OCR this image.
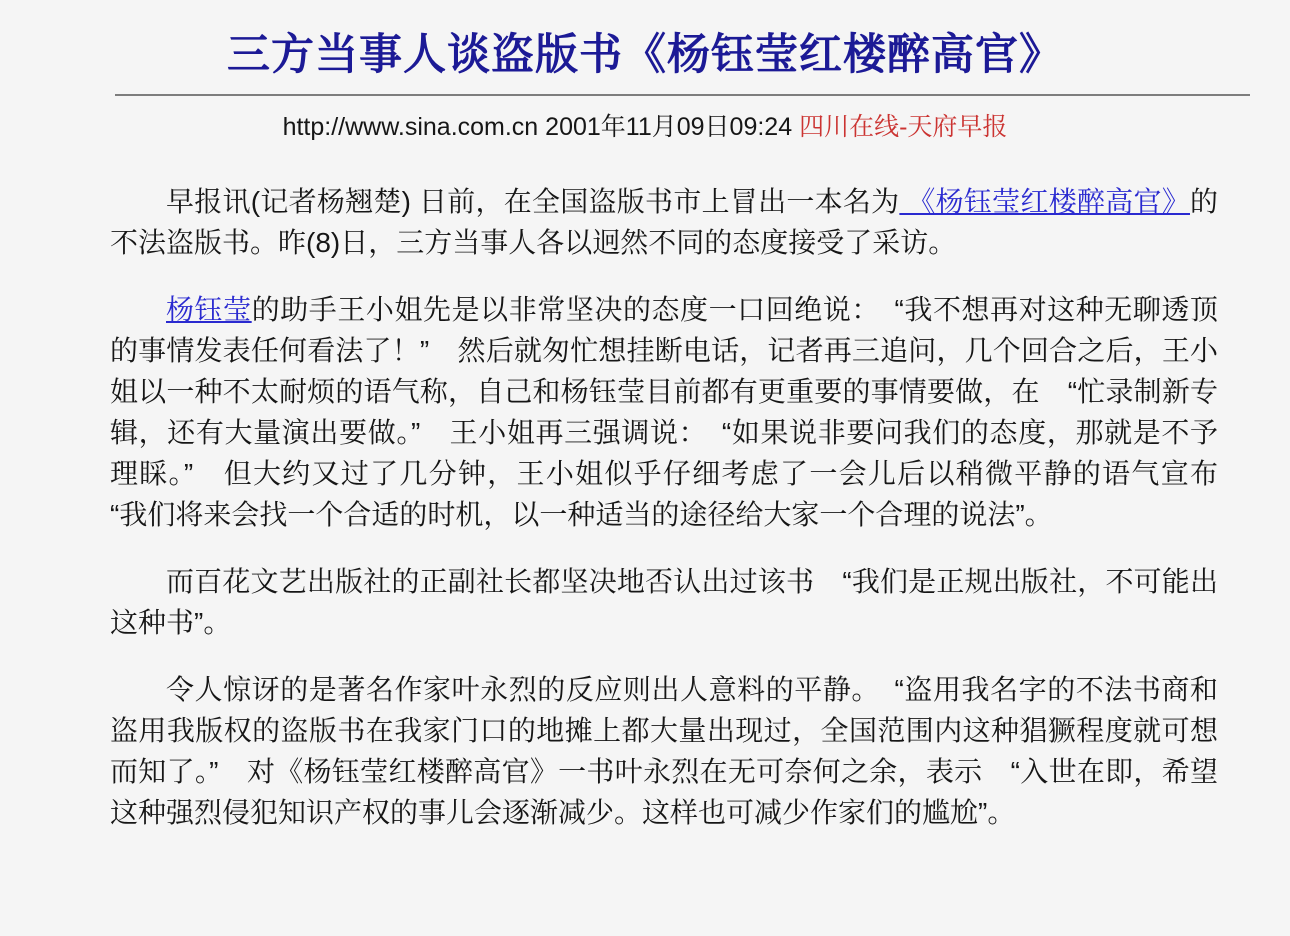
三方当事人谈盗版书《杨钰莹红楼醉高官》
http://www.sina.com.cn 2001年11月09日09:24 四川在线-天府早报

早报讯(记者杨翘楚) 日前，在全国盗版书市上冒出一本名为 《杨钰莹红楼醉高官》的不法盗版书。昨(8)日，三方当事人各以迥然不同的态度接受了采访。

杨钰莹的助手王小姐先是以非常坚决的态度一口回绝说：　“我不想再对这种无聊透顶的事情发表任何看法了！”　然后就匆忙想挂断电话，记者再三追问，几个回合之后，王小姐以一种不太耐烦的语气称，自己和杨钰莹目前都有更重要的事情要做，在　“忙录制新专辑，还有大量演出要做。”　王小姐再三强调说：　“如果说非要问我们的态度，那就是不予理睬。”　但大约又过了几分钟，王小姐似乎仔细考虑了一会儿后以稍微平静的语气宣布　“我们将来会找一个合适的时机，以一种适当的途径给大家一个合理的说法”。

而百花文艺出版社的正副社长都坚决地否认出过该书　“我们是正规出版社，不可能出这种书”。

令人惊讶的是著名作家叶永烈的反应则出人意料的平静。　“盗用我名字的不法书商和盗用我版权的盗版书在我家门口的地摊上都大量出现过，全国范围内这种猖獗程度就可想而知了。”　对《杨钰莹红楼醉高官》一书叶永烈在无可奈何之余，表示　“入世在即，希望这种强烈侵犯知识产权的事儿会逐渐减少。这样也可减少作家们的尴尬”。
